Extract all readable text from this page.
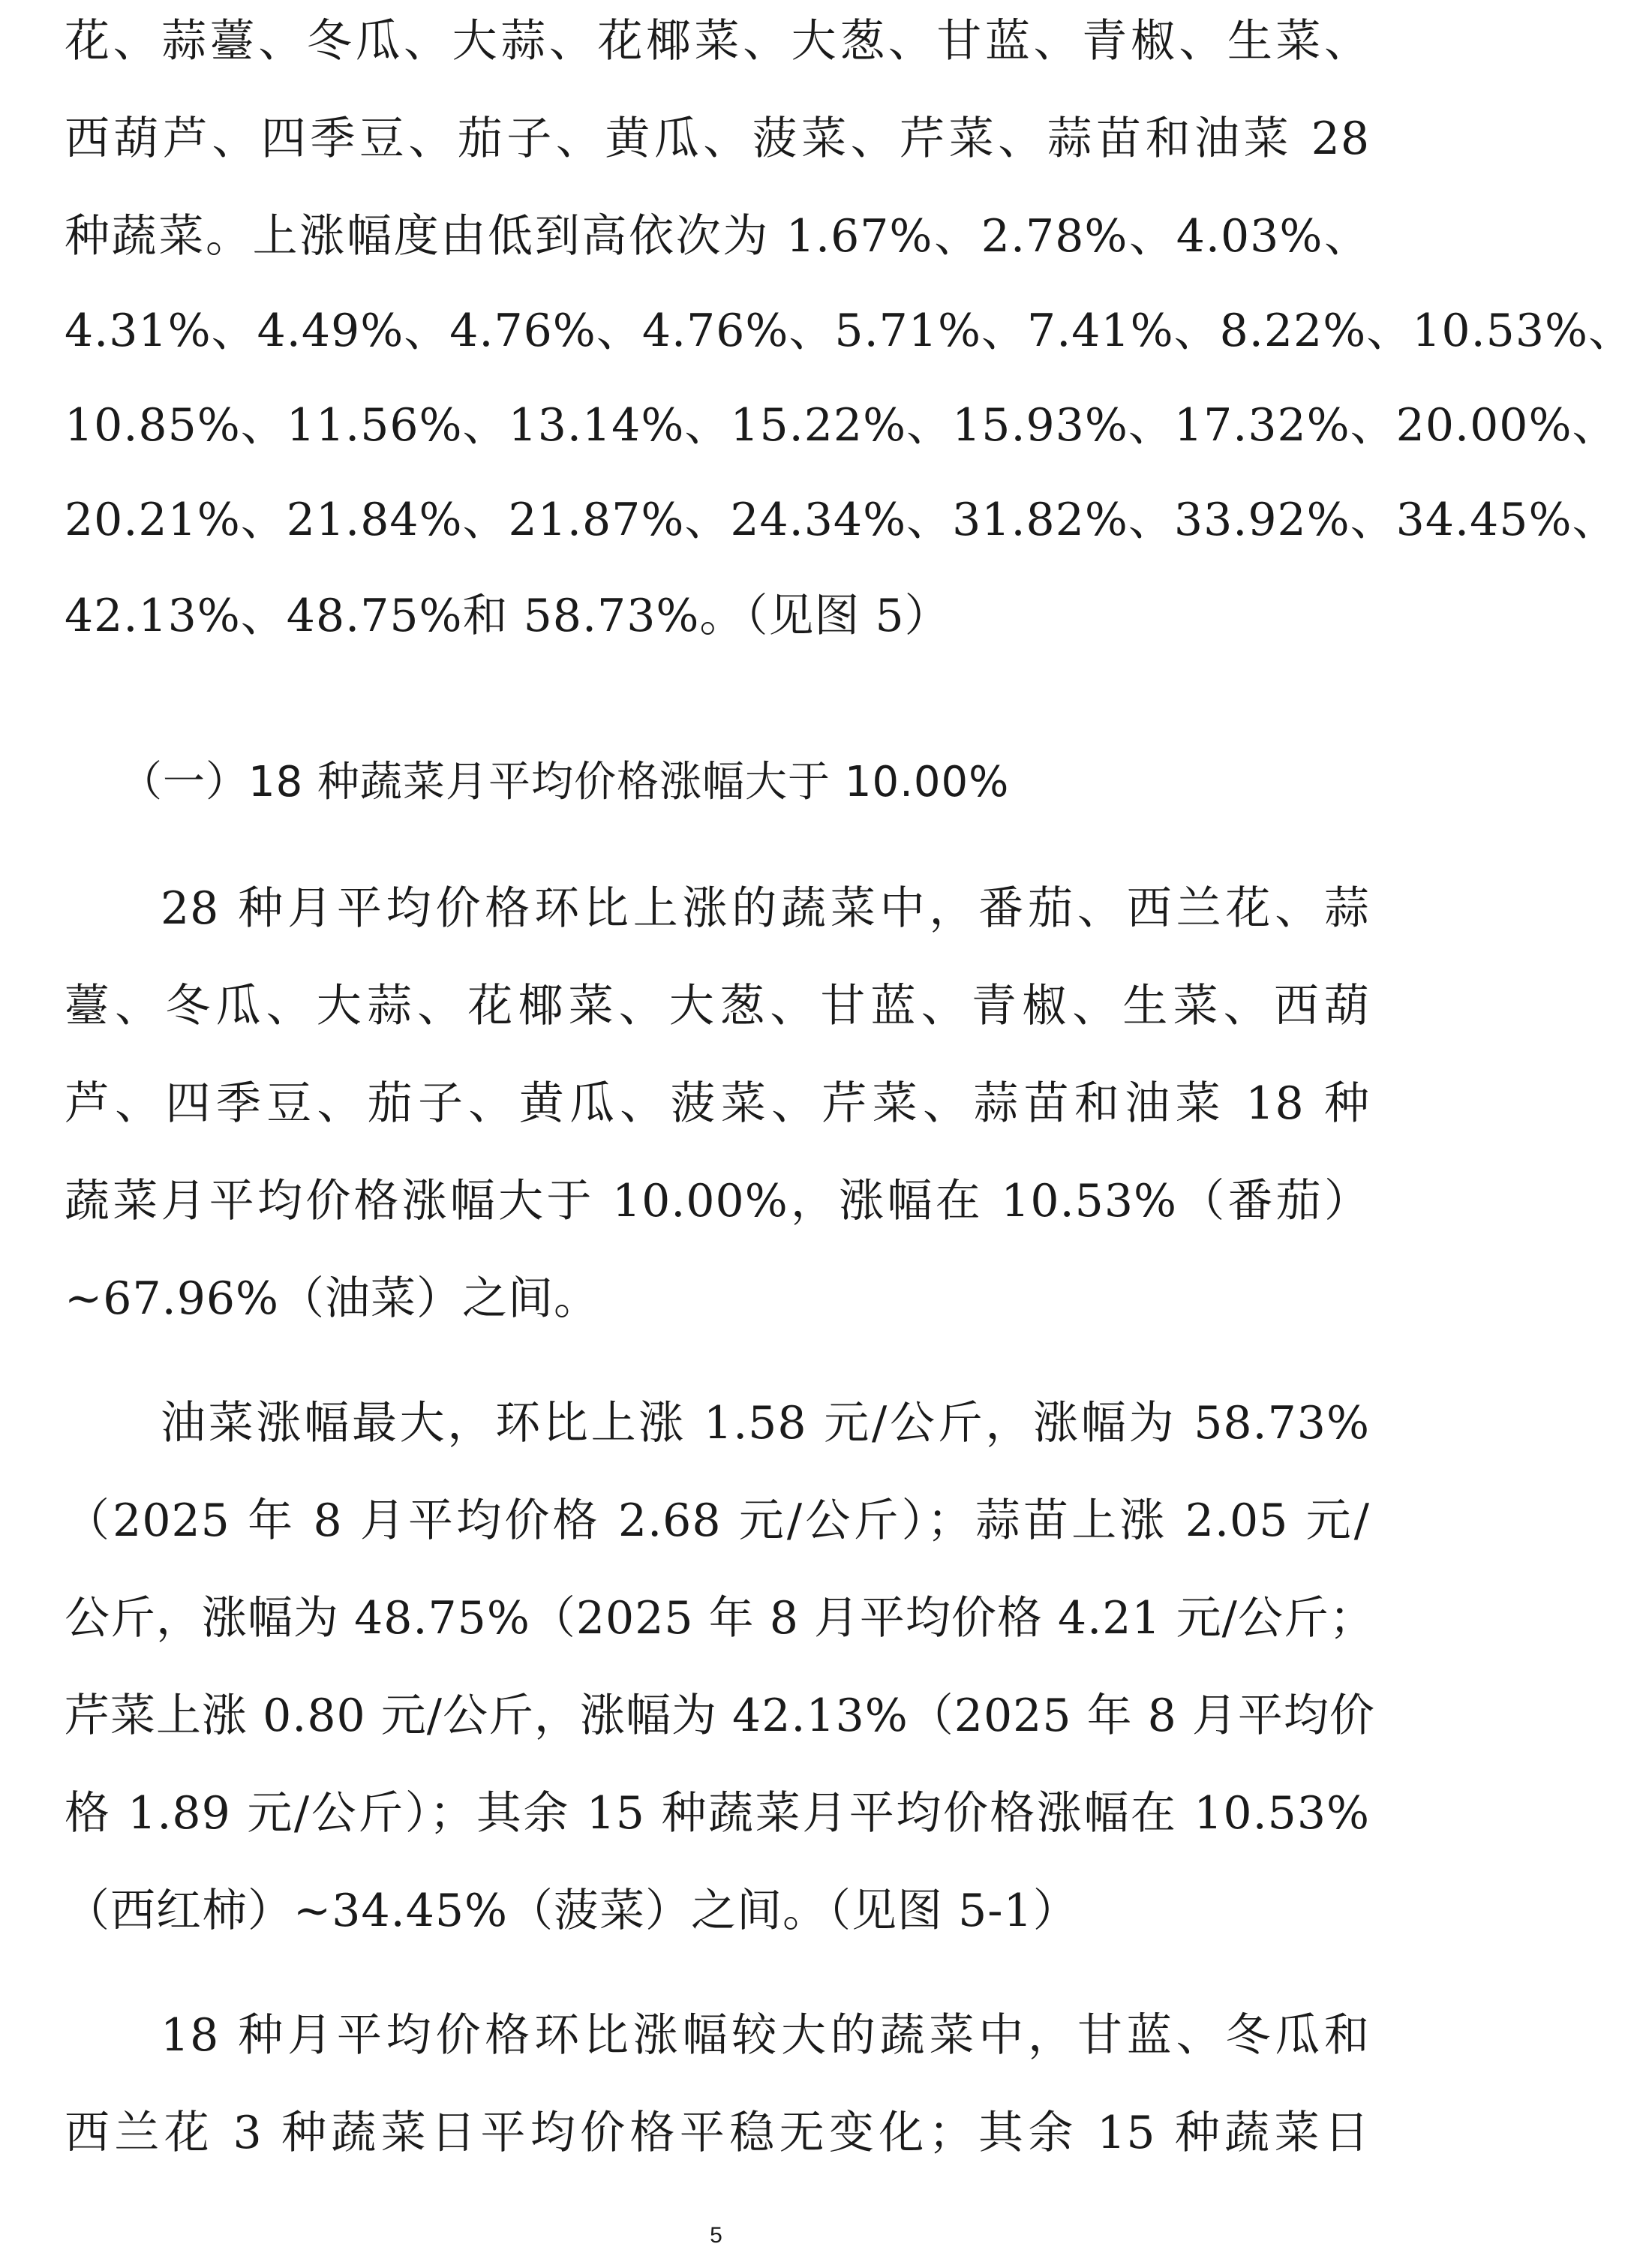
花、蒜薹、冬瓜、大蒜、花椰菜、大葱、甘蓝、青椒、生菜、
西葫芦、四季豆、茄子、黄瓜、菠菜、芹菜、蒜苗和油菜 28
种蔬菜。上涨幅度由低到高依次为 1.67%、2.78%、4.03%、
4.31%、4.49%、4.76%、4.76%、5.71%、7.41%、8.22%、10.53%、
10.85%、11.56%、13.14%、15.22%、15.93%、17.32%、20.00%、
20.21%、21.84%、21.87%、24.34%、31.82%、33.92%、34.45%、
42.13%、48.75%和 58.73%。（见图 5）
（一）18 种蔬菜月平均价格涨幅大于 10.00%
28 种月平均价格环比上涨的蔬菜中，番茄、西兰花、蒜
薹、冬瓜、大蒜、花椰菜、大葱、甘蓝、青椒、生菜、西葫
芦、四季豆、茄子、黄瓜、菠菜、芹菜、蒜苗和油菜 18 种
蔬菜月平均价格涨幅大于 10.00%，涨幅在 10.53%（番茄）
~67.96%（油菜）之间。
油菜涨幅最大，环比上涨 1.58 元/公斤，涨幅为 58.73%
（2025 年 8 月平均价格 2.68 元/公斤）；蒜苗上涨 2.05 元/
公斤，涨幅为 48.75%（2025 年 8 月平均价格 4.21 元/公斤；
芹菜上涨 0.80 元/公斤，涨幅为 42.13%（2025 年 8 月平均价
格 1.89 元/公斤）；其余 15 种蔬菜月平均价格涨幅在 10.53%
（西红柿）~34.45%（菠菜）之间。（见图 5-1）
18 种月平均价格环比涨幅较大的蔬菜中，甘蓝、冬瓜和
西兰花 3 种蔬菜日平均价格平稳无变化；其余 15 种蔬菜日
5
